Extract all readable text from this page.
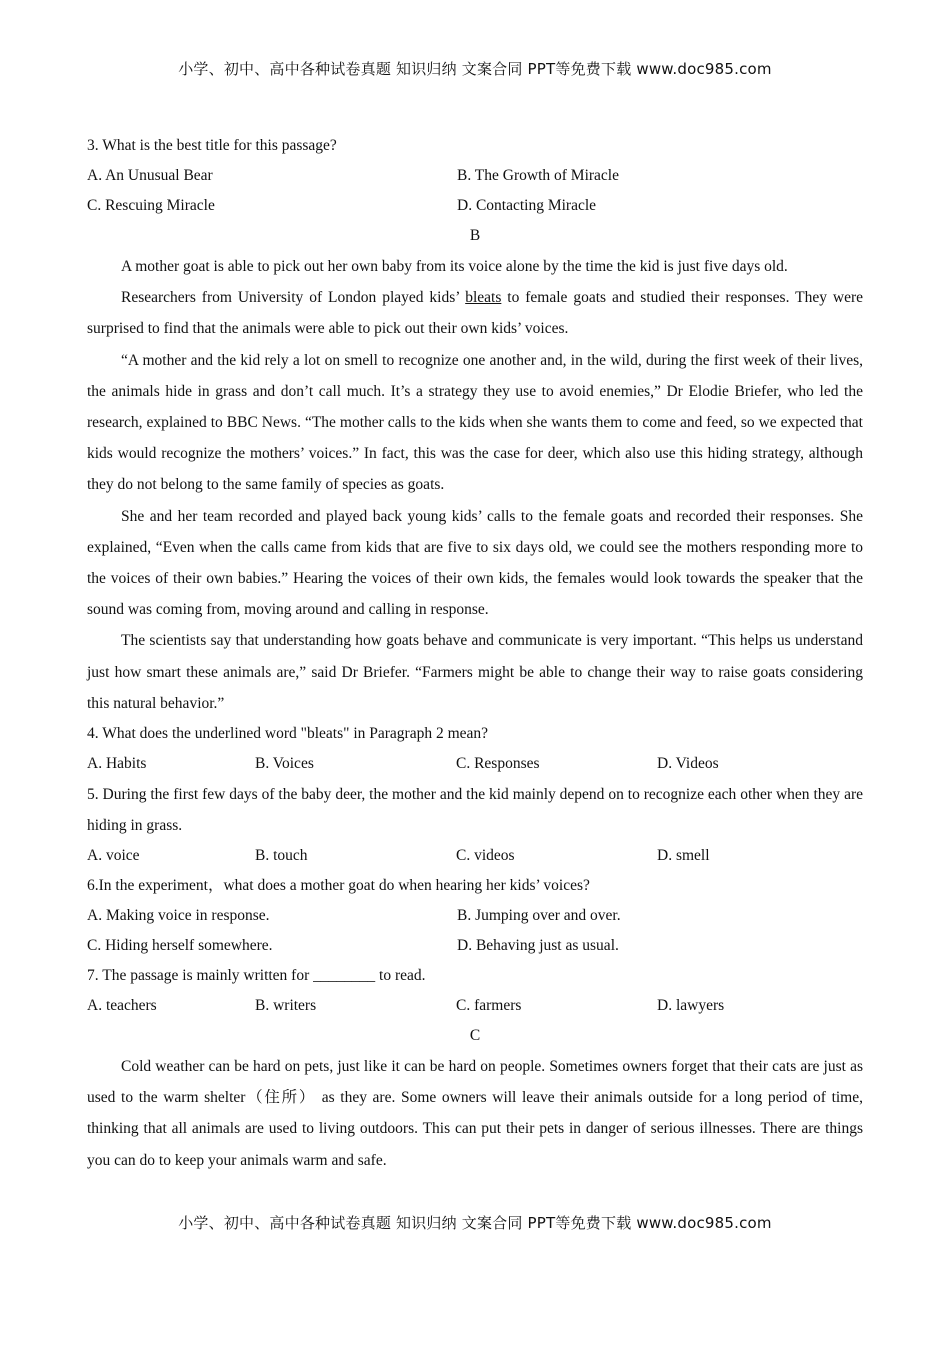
小学、初中、高中各种试卷真题 知识归纳 文案合同 PPT等免费下载 www.doc985.com
3. What is the best title for this passage?
A. An Unusual Bear	B. The Growth of Miracle
C. Rescuing Miracle	D. Contacting Miracle
B

A mother goat is able to pick out her own baby from its voice alone by the time the kid is just five days old.

Researchers from University of London played kids’ bleats to female goats and studied their responses. They were surprised to find that the animals were able to pick out their own kids’ voices.

“A mother and the kid rely a lot on smell to recognize one another and, in the wild, during the first week of their lives, the animals hide in grass and don’t call much. It’s a strategy they use to avoid enemies,” Dr Elodie Briefer, who led the research, explained to BBC News. “The mother calls to the kids when she wants them to come and feed, so we expected that kids would recognize the mothers’ voices.” In fact, this was the case for deer, which also use this hiding strategy, although they do not belong to the same family of species as goats.

She and her team recorded and played back young kids’ calls to the female goats and recorded their responses. She explained, “Even when the calls came from kids that are five to six days old, we could see the mothers responding more to the voices of their own babies.” Hearing the voices of their own kids, the females would look towards the speaker that the sound was coming from, moving around and calling in response.

The scientists say that understanding how goats behave and communicate is very important. “This helps us understand just how smart these animals are,” said Dr Briefer. “Farmers might be able to change their way to raise goats considering this natural behavior.”

4. What does the underlined word "bleats" in Paragraph 2 mean?
A. Habits	B. Voices	C. Responses	D. Videos

5. During the first few days of the baby deer, the mother and the kid mainly depend on to recognize each other when they are hiding in grass.

A. voice	B. touch	C. videos	D. smell
6.In the experiment，what does a mother goat do when hearing her kids’ voices?
A. Making voice in response.	B. Jumping over and over.
C. Hiding herself somewhere.	D. Behaving just as usual.
7. The passage is mainly written for ________ to read.
A. teachers	B. writers	C. farmers	D. lawyers
C

Cold weather can be hard on pets, just like it can be hard on people. Sometimes owners forget that their cats are just as used to the warm shelter（住所） as they are. Some owners will leave their animals outside for a long period of time, thinking that all animals are used to living outdoors. This can put their pets in danger of serious illnesses. There are things you can do to keep your animals warm and safe.

小学、初中、高中各种试卷真题 知识归纳 文案合同 PPT等免费下载 www.doc985.com
